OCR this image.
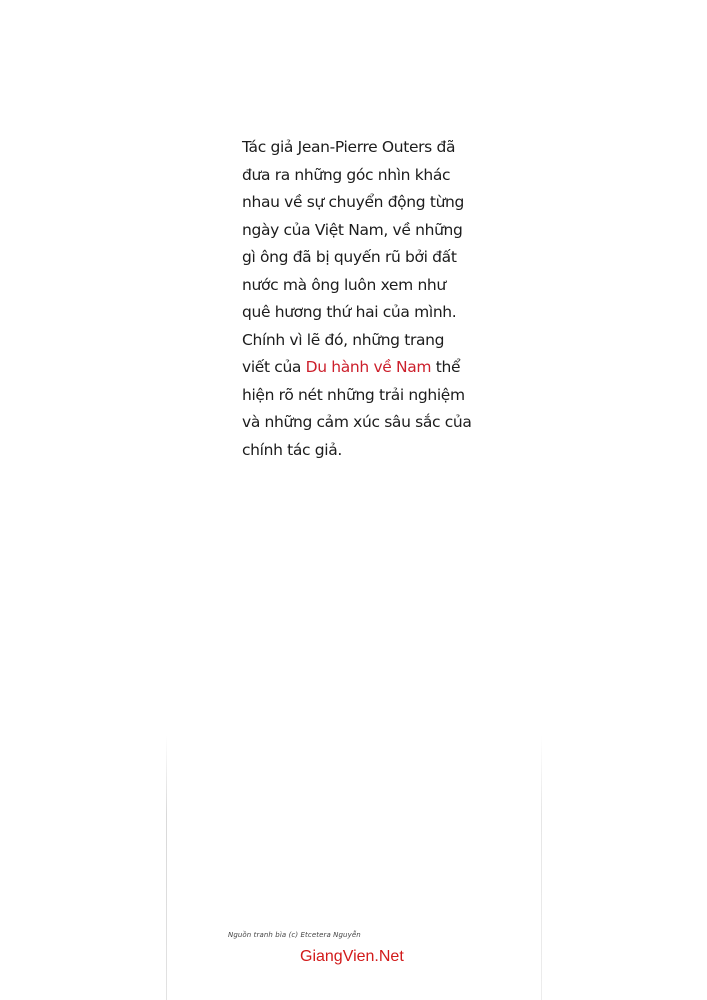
Tác giả Jean-Pierre Outers đã
đưa ra những góc nhìn khác
nhau về sự chuyển động từng
ngày của Việt Nam, về những
gì ông đã bị quyến rũ bởi đất
nước mà ông luôn xem như
quê hương thứ hai của mình.
Chính vì lẽ đó, những trang
viết của Du hành về Nam thể
hiện rõ nét những trải nghiệm
và những cảm xúc sâu sắc của
chính tác giả.

Nguồn tranh bìa (c) Etcetera Nguyễn
GiangVien.Net
